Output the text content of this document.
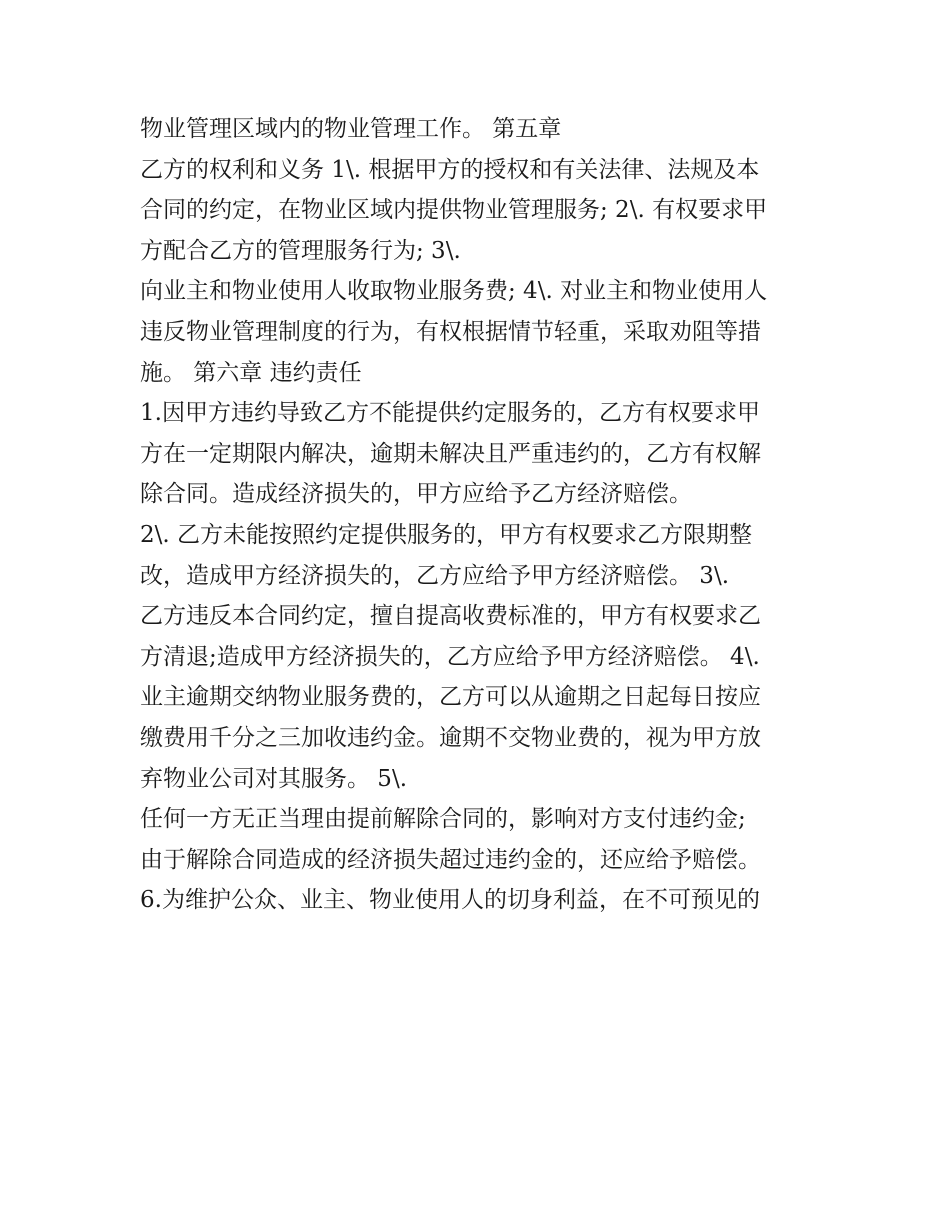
物业管理区域内的物业管理工作。 第五章
乙方的权利和义务 1\. 根据甲方的授权和有关法律、法规及本
合同的约定，在物业区域内提供物业管理服务; 2\. 有权要求甲
方配合乙方的管理服务行为; 3\.
向业主和物业使用人收取物业服务费; 4\. 对业主和物业使用人
违反物业管理制度的行为，有权根据情节轻重，采取劝阻等措
施。 第六章 违约责任
1.因甲方违约导致乙方不能提供约定服务的，乙方有权要求甲
方在一定期限内解决，逾期未解决且严重违约的，乙方有权解
除合同。造成经济损失的，甲方应给予乙方经济赔偿。
2\. 乙方未能按照约定提供服务的，甲方有权要求乙方限期整
改，造成甲方经济损失的，乙方应给予甲方经济赔偿。 3\.
乙方违反本合同约定，擅自提高收费标准的，甲方有权要求乙
方清退;造成甲方经济损失的，乙方应给予甲方经济赔偿。 4\.
业主逾期交纳物业服务费的，乙方可以从逾期之日起每日按应
缴费用千分之三加收违约金。逾期不交物业费的，视为甲方放
弃物业公司对其服务。 5\.
任何一方无正当理由提前解除合同的，影响对方支付违约金;
由于解除合同造成的经济损失超过违约金的，还应给予赔偿。
6.为维护公众、业主、物业使用人的切身利益，在不可预见的
